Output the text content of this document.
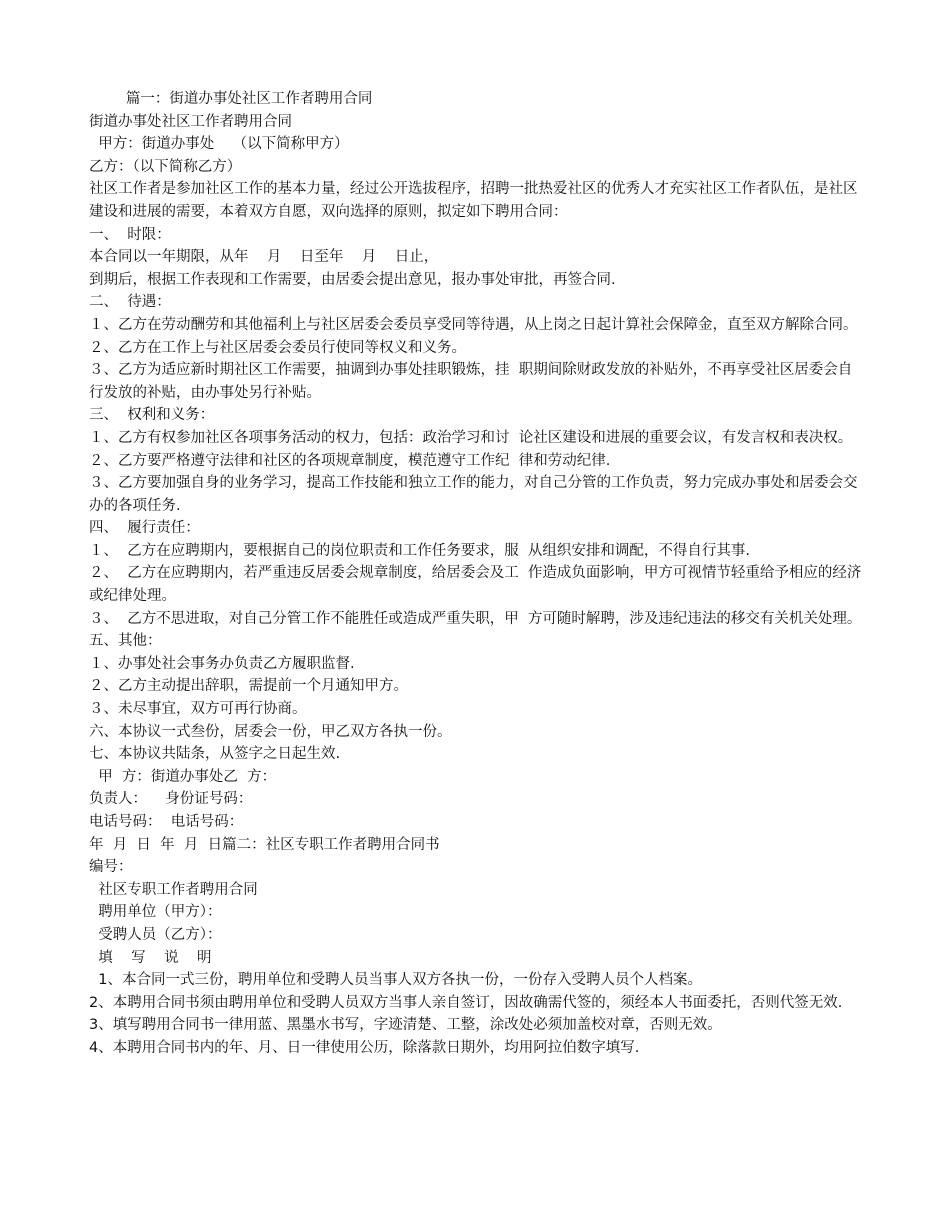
篇一：街道办事处社区工作者聘用合同

街道办事处社区工作者聘用合同

甲方：街道办事处    （以下简称甲方）

乙方：（以下简称乙方）

社区工作者是参加社区工作的基本力量，经过公开选拔程序，招聘一批热爱社区的优秀人才充实社区工作者队伍，是社区建设和进展的需要，本着双方自愿，双向选择的原则，拟定如下聘用合同：

一、  时限：

本合同以一年期限，从年    月    日至年    月    日止，

到期后，根据工作表现和工作需要，由居委会提出意见，报办事处审批，再签合同.

二、  待遇：

１、乙方在劳动酬劳和其他福利上与社区居委会委员享受同等待遇，从上岗之日起计算社会保障金，直至双方解除合同。

２、乙方在工作上与社区居委会委员行使同等权义和义务。

３、乙方为适应新时期社区工作需要，抽调到办事处挂职锻炼，挂  职期间除财政发放的补贴外，不再享受社区居委会自行发放的补贴，由办事处另行补贴。

三、  权利和义务：

１、乙方有权参加社区各项事务活动的权力，包括：政治学习和讨  论社区建设和进展的重要会议，有发言权和表决权。

２、乙方要严格遵守法律和社区的各项规章制度，模范遵守工作纪  律和劳动纪律.

３、乙方要加强自身的业务学习，提高工作技能和独立工作的能力，对自己分管的工作负责，努力完成办事处和居委会交办的各项任务.

四、  履行责任：

１、  乙方在应聘期内，要根据自己的岗位职责和工作任务要求，服  从组织安排和调配，不得自行其事.

２、  乙方在应聘期内，若严重违反居委会规章制度，给居委会及工  作造成负面影响，甲方可视情节轻重给予相应的经济或纪律处理。

３、  乙方不思进取，对自己分管工作不能胜任或造成严重失职，甲  方可随时解聘，涉及违纪违法的移交有关机关处理。

五、其他：

１、办事处社会事务办负责乙方履职监督.

２、乙方主动提出辞职，需提前一个月通知甲方。

３、未尽事宜，双方可再行协商。

六、本协议一式叁份，居委会一份，甲乙双方各执一份。

七、本协议共陆条，从签字之日起生效.

甲  方：街道办事处乙  方：

负责人：    身份证号码：

电话号码：  电话号码：

年  月  日  年  月  日篇二：社区专职工作者聘用合同书

编号：

社区专职工作者聘用合同

聘用单位（甲方）：

受聘人员（乙方）：

填    写    说    明

1、本合同一式三份，聘用单位和受聘人员当事人双方各执一份，一份存入受聘人员个人档案。

2、本聘用合同书须由聘用单位和受聘人员双方当事人亲自签订，因故确需代签的，须经本人书面委托，否则代签无效.

3、填写聘用合同书一律用蓝、黑墨水书写，字迹清楚、工整，涂改处必须加盖校对章，否则无效。

4、本聘用合同书内的年、月、日一律使用公历，除落款日期外，均用阿拉伯数字填写.
